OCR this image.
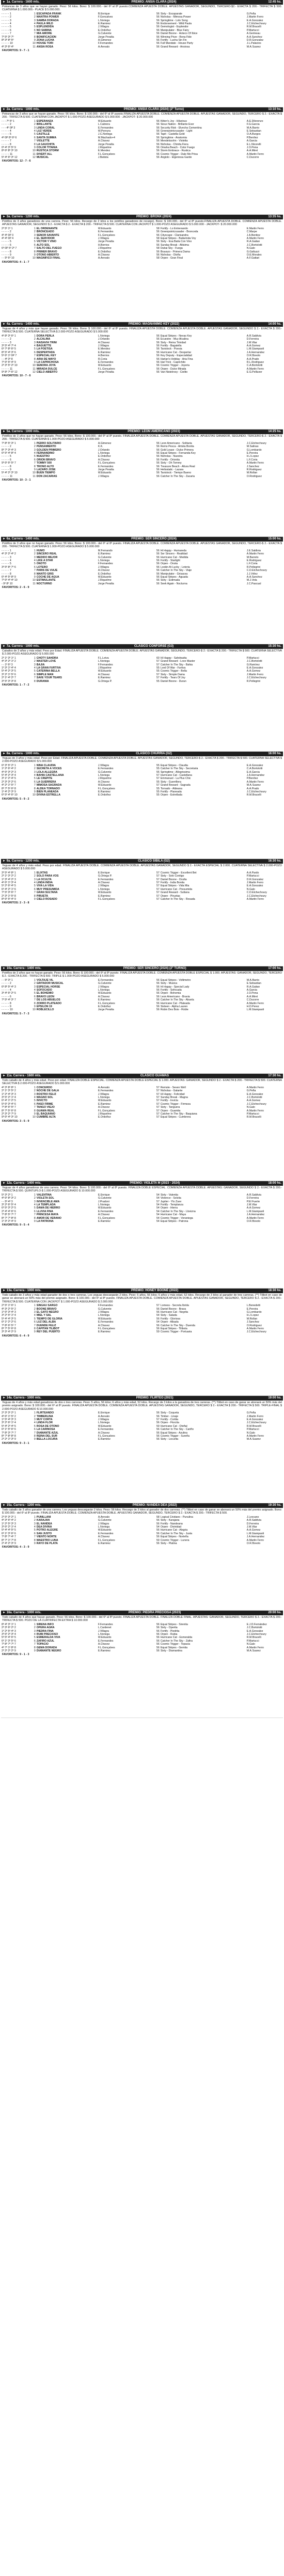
► 1a. Carrera - 1600 mts.	PREMIO: ANSIA CLARA (2024)	12:45 hs.
Potrancas de 3 años que se hayan ganado. Peso: 56 kilos. Bono: $ 100.000.- del 6º al 8º puesto.COMIENZA APUESTA DOBLE. APUESTAS GANADOR, SEGUNDO, TERCERO-$2.- EXACTA $ 200.- TRIFECTA $ 500. CUATERNA $ 1.000.000.- PLACE $ 5.000.000.
- - - - - 1	1	ESCAPADA FRANK	B.Enrique	56	Sixty - Escaparate	G.Peña
- - - - - 2	2	MANTRA POWER	F.Goncalves	56	Nicholas - Mimosa Power	J.Martin Ferro
- - - - - 3	3	SAMBA DORADA	L.Noriega	56	Springtime - Lolo Song	E.A.Gonzalez
- - - - - 4	4	PAULA WILD	E.Ramirez	56	Endorsement - Wild Paula	J.C.Etchechoury
- - - - - 5	5	ESPLENDIDA	J.Villagra	56	Gemologist - Esplendor	R.M.Bracelli
- - - - - 6	6	NO SABINA	E.Ordoñez	56	Manipulator - Blue Fairy	P.Martucci
- - - - - 7	7	MIA AMORE	G.Calvente	56	Daniel Boone - Hoteco Of Ibice	A.Gerineau
7º 5º 3º 7º	8	BONIFICACION	Jorge Peralta	56	Winning Prize - Bona Fide	A.A.Sanchez
8º 3º 8º 5º	9	ZONA LUCHA	A.Gimenez	56	Fortify - Lucha Sin Fin	D.R.Gonzalez
- - - - - 10	10	HOUSE TORI	F.Fernandes	56	Full Mandate - House Party	J.L.Palacios
4º 3º 6º 4º	11	ANSIA ROSA	A.Arevalo	56	Grand Reward - Ansiosa	M.A.Suarez
FAVORITOS: 9 - 7 - 1
► 2a. Carrera - 1000 mts.	PREMIO: ANSIA CLARA (2024) (2º Turno)	13:10 hs.
Potrancas de 3 años que se hayan ganado. Peso: 56 kilos. Bono: $ 100.000.- del 6º al 8º puesto.FINALIZA APUESTA DOBLE. COMIENZA APUESTA DOBLE. APUESTAS GANADOR, SEGUNDO, TERCERO $ 2.- EXACTA $ 200.- TRIFECTA $ 500. CUATERNA CON JACKPOT $ 1.000-POZO ASEGURADO $ 5.000.000 - JACKPOT- $ 20.000.000
- - - 7º 5º 1	1	ESPERANZA	W.Eduardo	56	Kitten's Joy - Hilarious	A.E.Dilorenzo
- - - - - 2	2	BRILLANTE	L.Cabrera	56	Sioux Nation - Brillante Ever	F.G.Garcia
- - - 4º 0P 3	3	LINDA CORAL	E.Fernandes	56	Security Risk - Elvecha Cementina	M.A.Barrio
- - - - - 4	4	LUZ VERDE	W.Pereyra	56	Greenpointcrusader - Light	E.Sebastian
- - - - - 5	5	CASTILLE	J.C.Noriega	56	Tapit - Castella Gold	O.A.Burgos
4º 0P 8º 6º 6	6	SANTA SUMMA	M.Machado+4	56	Springtime - Anatomia	P.Benítez
- - - - - 7	7	VIOLETTE	A.Chavez	56	Mendelssohn - Violetta	A.Garcia
- - - - - 8	8	LA GAUCHITA	Jorge Peralta	56	Nicholas - Chinita Fiera	E.L.Nicorelli
0º 4º 3º 5º 9	9	COLOR TITANIA	J.Riquelme	56	Omaha Beach - Color Fuego	J.O.Pena
8º 6º 8º 3º 10	10	RUSTICA STORM	E.Mendez	56	Storm Embrace - Rustica	A.A.Miret
- - - - - 11	11	DIVERT ALL	F.L.Gonçalves	56	Cosmic Trigger - Dale Me Prisa	A.Martin Ferro
5º 4º 6º 3º 12	12	MUSICAL	J.Batista	56	Angiolo - Elgeniosa Garde	C.Ducorre
FAVORITOS: 12 - 7 - 6
► 3a. Carrera - 1200 mts.	PREMIO: BRONX (2024)	13:35 hs.
Potrillos de 3 años ganadores de una carrera. Peso: 56 kilos. Recargo de 2 kilos a los potrillos ganadores de recargo). Bono: $ 100.000.- del 6º al 8º puesto.FINALIZA APUESTA DOBLE. COMIENZA APUESTA DOBLE. APUESTAS GANADOR, SEGUNDO $ 2.- EXACTA $ 2.- EXACTA $ 200.- TRIFECTA $ 500. CUATERNA CON JACKPOT $ 1.000-POZO ASEGURADO $ 5.000.000 - JACKPOT- $ 20.000.000
2º 5º 1º 1	1	EL ORDENANTE	W.Eduardo	58	Fortify - Lo Entrenando	E.Martin Ferro
- - - - - 2	2	BRONCEADO	E.Fernandes	56	Greenpointcrusader - Bronceda	C.Marpe
4º 4º 0P 3	3	SEÑOR SAVANTE	F.L.Gonçalves	56	Cityscape - Clarisandra	J.A.Benitez
4º 4º 0P 4	4	EL SERVIDOR	J.Villagra	58	Equal Stripes - Bailarinda Voy	A.Martin Ferro
- - - - - 5	5	VICTOR Y VINO	Jorge Peralta	56	Sixty - Esa Baila Con Vino	R.A.Gaitan
- - - - - 6	6	ALTO SOL	H.Berrios	56	Sunday Break - Altisima	J.C.Bortolotti
6º 0P 5º 2º 7	7	SALTO DEL FUEGO	J.Riquelme	58	Dubai Sky - Fuega	N.Galo
- - - - - 8	8	PRIMER BRAVO	E.Ordoñez	56	Bravazo - Primera Dama	G.Galtuzzi
- - - - - 9	9	OTOÑO ABIERTO	A.Chavez	56	Nicholas - Otoña	O.E.Morales
- - 5º 6º 10	10	MAGNIFICO FINAL	A.Arevalo	58	Orpen - Gran Final	A.F.Gattari
FAVORITOS: 4 - 1 - 7
► 4a. Carrera - 1400 mts.	PREMIO: MAGNANIMO KEY (2022)	14:00 hs.
Yeguas de 4 años y más que hayan ganado. Peso: 56 kilos. Bono: $ 100.000.- del 6º al 8º puesto. FINALIZA APUESTA DOBLE. COMIENZA APUESTA DOBLE. APUESTAS GANADOR, SEGUNDO $ 2.- EXACTA $ 200.- TRIFECTA $ 500. CUATERNA SELECTIVA $ 2.000-POZO ASEGURADO $ 5.000.000
4º 8º 3º 6º 1	1	DORA PERLA	L.Noriega	56	Equal Stripes - Nevas Key	A.R.Saldivia
- - - - - 2	2	ALCALINA	J.Orlando	56	Ecuestre - Muy Alcalina	D.Ferreira
- - - - - 3	3	RAISAVIA TRINI	A.Chavez	56	Sixty - Reina Trinidad	J.M.Vilar
3º 5º 4º 7º 4	4	BAGUETTE	J.Villagra	56	Fortify - Bagatella	A.A.Gomez
6º 7º 8º 6º 5	5	LA POETISA	E.Mendez	56	Tavistock - Poesia	L.M.Giampaoli
8º 5º 4º 3º 6	6	DESPERTADA	E.Ramirez	56	Hurricane Cat - Despertar	J.A.Hernandez
5º 6º 1º 0P 7	7	ESPECIAL KEY	H.Berrios	56	Key Deputy - Especialidad	O.R.Bovolo
- - 4º 3º 8	8	ARIA DE MAYO	R.Coria	56	Harlan's Holiday - Aria Fina	A.A.Prado
7º 6º 5º 4º 9	9	LA CAPRICHOSA	E.Fernandes	56	Hat Trick - Caprichito	R.L.Rodriguez
2º 3º 5º 2º 10	10	SEÑORA JOYA	W.Eduardo	56	Cosmic Trigger - Joyeria	C.A.Bortolotti
- - - - - 11	11	MIRADA DULCE	F.L.Gonçalves	56	Orpen - Dulce Mirada	A.Martin Ferro
9º 8º 7º 6º 12	12	CIELO ABIERTO	Jorge Peralta	56	Van Nistelrooy - Cielito	E.G.Pellizzer
FAVORITOS: 10 - 7 - 6
► 5a. Carrera - 1000 mts.	PREMIO: LEON AMERICANO (2023)	14:25 hs.
Potrillos de 3 años que no hayan ganado. Peso: 56 kilos. Bono: $ 100.000.- del 6º al 8º puesto. FINALIZA APUESTA DOBLE. COMIENZA APUESTA DOBLE. APUESTAS GANADOR, SEGUNDO, TERCERO-$ 2.- EXACTA $ 200.- TRIFECTA $ 500. CUATERNA $ 1.000-POZO ASEGURADO $ 5.000.000
7º 8º 5º 3º 1	1	PEDRO SOLITARIO	A.Gimenez	56	Leon Americano - Solitaria	J.C.Etchechoury
- - - - - 2	2	PENSAMIENTO	K.K.	56	Remo Pesca - Artista Bonita	M.Salinas
8º 7º 3º 4º 3	3	GOLDEN PRIMERO	J.Orlando	56	Gold Lease - Dulce Primera	G.Lombardo
6º 5º 4º 8º 4	4	FERNANDINO	L.Noriega	56	Equal Stripes - Fernanda Key	E.Pereira
- - - - - 5	5	NUESTRO	E.Ordoñez	56	Nicholas - Nuestra	H.J.Lopez
- - - - - 6	6	ORION BRAVO	A.Chavez	56	Fortify - Orionita	L.F.Coria
9º 6º 6º 5º 7	7	TOMMY 500	F.L.Gonçalves	56	Sixty - Oh Tommy	A.Martin Ferro
- - - - - 8	8	TRONO ALTO	E.Fernandes	56	Treasure Beach - Altura Real	J.Sanchez
- - - - - 9	9	LAZARO JOSE	Jorge Peralta	56	Heliostatic - Lazara	R.Rodriguez
5º 4º 2º 3º 10	10	BUEN TIEMPO	W.Eduardo	56	Tavistock - Tiempo Bueno	M.Rollan
- - - - - 11	11	DON ZACARIAS	J.Villagra	56	Catcher In The Sky - Zacaria	O.Rodriguez
FAVORITOS: 10 - 3 - 1
► 6a. Carrera - 1400 mts.	PREMIO: SER SINCERO (2024)	15:00 hs.
Potrillos de 3 años que no hayan ganado. Peso: 56 kilos. Bono: $ 100.000.- del 6º al 8º puesto. FINALIZA APUESTA DOBLE. COMIENZA APUESTA DOBLE. APUESTAS GANADOR, SEGUNDO, TERCERO-$ 2.- EXACTA $ 200.- TRIFECTA $ 500. CUATERNA $ 1.000-POZO ASEGURADO $ 5.000.000
- - - - - 1	1	HUMO	M.Fernando	56	Hi Happy - Humareda	J.E.Saldivia
4º 3º 2º 4º 2	2	SINCERO REAL	E.Ramirez	56	Ser Sincero - Realidad	A.Martin Ferro
- - - - - 3	3	MEDIDO MEJOR	G.Calvente	56	Hurricane Cat - Medida	M.Barreto
- - - - - 4	4	LIKE A STAR	L.Noriega	56	Fortify - Starlight	E.Rodriguez
- - - - - 5	5	ONOTO	F.Fernandes	56	Orpen - Onota	L.F.Coria
3º 5º 8º 7º 6	6	LOTERO	J.Villagra	56	Lookin At Lucky - Loteria	R.Pellegrini
- - - - - 7	7	PARIS DE VIAJE	A.Chavez	56	Catcher In The Sky - Viaje	C.D.Etchechoury
- - - - - 8	8	MANTO GRIS	E.Ordoñez	56	Manipulator - Grisacea	J.J.Vélez
6º 4º 5º 8º 9	9	COCHE DE AGUA	W.Eduardo	56	Equal Stripes - Aguada	A.A.Sanchez
7º 6º 4º 4º 10	10	ESTIMULANTE	J.Riquelme	56	Sixty - Estimada	M.J.Vela
- 9º 8º 10	11	NOCTURNO	Jorge Peralta	56	Seek Again - Nocturna	J.C.Pascual
FAVORITOS: 2 - 6 - 9
► 7a. Carrera - 1000 mts.	CLASICO CONFORSE (G3)	15:30 hs.
Caballos de 3 años y más edad. Peso por Edad. FINALIZA APUESTA DOBLE. COMIENZA APUESTA DOBLE. APUESTAS GANADOR, SEGUNDO, TERCERO-$ 2.- EXACTA $ 200.- TRIFECTA $ 500. CUATERNA SELECTIVA $ 2.000-POZO ASEGURADO $ 5.000.000
2º 1º 3º 1º 1	1	CHOTY SAHDRA	F.L.Leiva	60	Hi Happy - Sahdrasita	P.Martucci
4º 3º 2º 1º 2	2	MASTER LOVE	L.Noriega	57	Grand Reward - Love Master	J.C.Bortolotti
- - 1º 6º 3	3	BAJIA	F.Fernandes	57	Catcher In The Sky - Bahia	G.Ramírez
1º 3º 1º 4º 4	4	LA GRAN FURTIVA	J.Riquelme	55	Lord Of War - Furtiva	E.A.Gonzalez
5º 4º 2º 3º 5	5	CATERINA BELLA	W.Eduardo	55	Cosmic Trigger - Bella	A.A.Gomez
3º 2º 1º 5º 6	6	SIMPLE MAN	A.Chavez	57	Sixty - Simple Dama	J.Martin Ferro
2º 1º 4º 2º 7	7	SAVE YOUR TEARS	E.Ramirez	57	Fortify - Tears Of Joy	J.C.Etchechoury
3º 5º 3º 3º 8	8	DURANIA	G.Ortega P.	55	Daniel Boone - Duran	R.Pellegrini
FAVORITOS: 1 - 7 - 2
► 8a. Carrera - 1000 mts.	CLASICO CHURRIA (G2)	16:00 hs.
Yeguas de 3 años y más edad. Peso por Edad. FINALIZA APUESTA DOBLE. COMIENZA APUESTA DOBLE. APUESTAS GANADOR, SEGUNDO, TERCERO-$ 2.- EXACTA $ 200.- TRIFECTA $ 500. CUATERNA SELECTIVA $ 2.000-POZO ASEGURADO $ 5.000.000
6º 3º 5º 2º 1	1	NINA CLAUDIA	J.Villagra	55	Equal Stripes - Claudia	E.A.Gonzalez
1º 2º 6º 4º 2	2	SECRETA A VOCES	E.Fernandes	55	Catcher In The Sky - Secretaria	C.A.Bortolotti
4º 6º 3º 2º 3	3	LOLA ALLEGRA	G.Calvente	55	Springtime - Allegrissima	E.A.Garcia
5º 4º 2º 3º 4	4	BAHIA CASTELLANA	L.Noriega	57	Hurricane Cat - Castellana	J.A.Hernandez
3º 1º 2º 4º 5	5	LE CREPITE	J.Riquelme	57	Emmanuel - La Plus Chic	P.Benítez
2º 3º 3º 2º 6	6	LA GUERRERA	A.Chavez	55	Sixty - Guerrillera	A.Martin Ferro
4º 2º 1º 5º 7	7	MIMOSA SAGRADA	W.Eduardo	57	Grand Reward - Sagrada	M.A.Suarez
8º 7º 5º 6º 8	8	ALDEA TORNADO	F.L.Gonçalves	55	Tornado - Aldeana	A.A.Prado
1º 4º 2º 3º 9	9	BIEN PLANEADA	E.Ramirez	55	Fortify - Planeada	J.C.Etchechoury
6º 5º 4º 6º 10	10	DIVINA ESTRELLA	E.Ordoñez	55	Orpen - Estrellada	R.M.Bracelli
FAVORITOS: 5 - 9 - 2
► 9a. Carrera - 1200 mts.	CLASICO SIBILA (G2)	16:30 hs.
Yeguas de 4 años y más edad. Peso por edad. FINALIZA APUESTA DOBLE. COMIENZA APUESTA DOBLE. APUESTAS GANADOR, SEGUNDO $ 2.- EXACTA ESPECIAL $ 2.000. CUATERNA SELECTIVA $ 2.000-POZO ASEGURADO $ 5.000.000
3º 5º 4º 8º 1	1	ELIXTAS	E.Enrique	57	Cosmic Trigger - Excellent Bet	A.A.Pardo
2º 1º 3º 2º 2	2	SOLO PARA VOS	G.Ortega P.	57	Sixty - Solo Contigo	P.Martucci
1º 3º 4º 2º 3	3	LA OCULTA	E.Fernandes	57	Daniel Boone - Oculta	D.R.Gonzalez
4º 6º 1º 3º 4	4	LINDA INDIA	A.Chavez	57	Fortify - India Bonita	J.Martin Ferro
5º 2º 6º 4º 5	5	VIVA LA VIDA	J.Villagra	57	Equal Stripes - Vida Mia	E.A.Gonzalez
6º 4º 2º 1º 6	6	MUY PRESUMIDA	L.Noriega	57	Hurricane Cat - Presumida	N.Galo
7º 5º 3º 6º 7	7	GRAN SULTANA	W.Eduardo	57	Grand Reward - Sultana	C.D.Etchechoury
2º 3º 1º 5º 8	8	PIRUETA	E.Ramirez	57	Orpen - Piruetas	J.C.Etchechoury
8º 6º 5º 4º 9	9	CIELO ROSADO	F.L.Gonçalves	57	Catcher In The Sky - Rosada	A.Martin Ferro
FAVORITOS: 2 - 3 - 8
► 10a. Carrera - 1400 mts.	PREMIO: SER SINCERO (2024) (2º TURNO)	17:00 hs.
Potrillos de 3 años que no hayan ganado. Peso: 56 kilos. Bono: $ 100.000.- del 6º al 8º puesto. FINALIZA APUESTA DOBLE. COMIENZA APUESTA DOBLE ESPECIAL $ 1.000. APUESTAS: GANADOR, SEGUNDO, TERCERO $ 2.- EXACTA $ 200.- TRIFECTA $ 500. TRIPLE $ 1.000-POZO ASEGURADO $ 5.000.000
- - 5º 3º 1	1	VOLTAJE VIL	E.Fernandes	56	Equal Stripes - Voltimetro	M.A.Barrio
- - - - - 2	2	GRITADOR MUSICAL	G.Calvente	56	Sixty - Musica	E.Sebastian
6º 8º 5º 4º 3	3	ESPECIAL HORSE	J.Villagra	56	Hi Happy - Special Lady	R.A.Gaitan
- - - - - 4	4	SOFOCADO	L.Noriega	56	Fortify - Sofocada	A.Garcia
3º 4º 6º 2º 5	5	EL BOHEMIO	W.Eduardo	56	Orpen - Bohemia	J.O.Pena
- - - - - 6	6	BRAVO LEON	A.Chavez	56	Leon Americano - Bravia	A.A.Miret
7º 5º 4º 3º 7	7	DE LOS ABUELOS	E.Ramirez	56	Catcher In The Sky - Abuela	C.Ducorre
- - - - - 8	8	ZORRO PLATEADO	F.L.Gonçalves	56	Hurricane Cat - Plateada	A.Martin Ferro
- - - - - 9	9	EPSILON 19	E.Ordoñez	56	Sixteen - Alpha Lauren	H.D.Perez
- - - - - 10	10	ROBLECILLO	Jorge Peralta	56	Robin Des Bois - Roble	L.M.Giampaoli
FAVORITOS: 5 - 7 - 3
► 11a. Carrera - 1600 mts.	CLASICO GUAMAS	17:30 hs.
Todo caballo de 4 años y más edad. Peso por edad. FINALIZA DOBLE ESPECIAL. COMIENZA APUESTA DOBLE ESPECIAL $ 1.000. APUESTAS: GANADOR, SEGUNDO $ 2.- EXACTA $ 200.- TRIFECTA $ 500. CUATERNA SELECTIVA $ 2.000-POZO ASEGURADO $ 5.000.000
4º 3º 8º 8º 1	1	CONCERDO	A.Arevalo	57	Remote - Seven Well	A.Martin Ferro
2º 1º 3º 5º 2	2	NOCHE DE GALA	E.Fernandes	57	Nicholas - Galante	G.Peña
1º 2º 4º 3º 3	3	ROSTRO FELIZ	J.Villagra	57	Hi Happy - Felicidad	E.A.Gonzalez
3º 5º 2º 1º 4	4	MAGNO SOL	L.Noriega	57	Sunday Break - Magna	J.C.Bortolotti
6º 4º 1º 2º 5	5	INVICTO	W.Eduardo	57	Fortify - Invicta	A.A.Gomez
5º 6º 3º 4º 6	6	PASO FIRME	E.Ramirez	57	Cosmic Trigger - Firmeza	J.C.Etchechoury
7º 8º 6º 5º 7	7	TANGO VIEJO	A.Chavez	57	Sixty - Tanguera	N.Galo
8º 7º 5º 6º 8	8	GUAMA REAL	F.L.Gonçalves	57	Orpen - Guamita	A.Martin Ferro
2º 3º 2º 7º 9	9	EL BAQUIANO	J.Riquelme	57	Catcher In The Sky - Baquiana	P.Martucci
9º 6º 4º 3º 10	10	CUMBRE ALTA	E.Ordoñez	57	Equal Stripes - Cumbrera	R.M.Bracelli
FAVORITOS: 3 - 5 - 9
► 12a. Carrera - 1400 mts.	PREMIO: VIOLETA M (2023 - 2024)	18:00 hs.
Yeguas de 4 años ganadoras de una carrera. Peso: 54 kilos. Bono: $ 100.000.- del 6º al 8º puesto. FINALIZA DOBLE ESPECIAL. COMIENZA APUESTA DOBLE. APUESTAS: GANADOR, SEGUNDO $ 2.- EXACTA $ 200.- TRIFECTA $ 500. QUINTUPLO-$ 1.000-POZO ASEGURADO $ 10.000.000
5º 3º 2º 1	1	VALENTINA	E.Enrique	54	Sixty - Valentia	A.R.Saldivia
4º 6º 8º 3º 2	2	VIOLETA SOL	G.Calvente	54	Violence - Solcita	D.Ferreira
- - 5º 4º 3	3	INVENCIBLE AMA	J.Pradoni	57	Jupiter - Ylo Zuev	P.El Fuerte
3º 2º 6º 5º 4	4	LA TEMPLADA	L.Noriega	54	Fortify - Templanza	J.M.Vilar
6º 5º 3º 2º 5	5	DAMA DE HIERRO	W.Eduardo	54	Orpen - Hierra	A.A.Gomez
2º 4º 4º 6º 6	6	LLUVIA FINA	E.Fernandes	54	Catcher In The Sky - Llovizna	L.M.Giampaoli
7º 8º 5º 7º 7	7	PRINCESA MAYA	A.Chavez	54	Hurricane Cat - Maya	J.A.Hernandez
8º 7º 7º 8º 8	8	AMOR DE VERANO	F.L.Gonçalves	54	Cosmic Trigger - Veraniega	A.Martin Ferro
1º 3º 2º 4º 9	9	LA PATRONA	E.Ramirez	54	Equal Stripes - Patrona	O.R.Bovolo
FAVORITOS: 9 - 5 - 4
► 13a. Carrera - 1000 mts.	PREMIO: HONEY BOONE (2022)	18:30 hs.
Todo caballo de 3 años y más edad ganador de dos o tres carreras. Los yeguas descargarán 2 kilos. Peso: 5 años, 56 kilos; 6 años y más edad, 52 kilos. Recargo de 3 kilos al ganador de tres carreras. (**) Tilibot en caso de ganar se abonará un 50% más del premio asignado. Bono: $ 100.000.- del 6º al 8º puesto. FINALIZA APUESTA DOBLE. COMIENZA APUESTA DOBLE. APUESTAS GANADOR, SEGUNDO, TERCERO $ 2.- EXACTA $ 200.- TRIFECTA $ 500. CUATERNA CON JACKPOT $ 1.000-POZO ASEGURADO $ 2.000.000
2º 5º 1º 6º 1	1	SINGAU SARGO	F.Fernandes	57	Lomess - Secreta Ibrida	L.Benedetti
4º 3º 2º 5º 2	2	BOONE BRAVO	G.Calvente	56	Daniel Boone - Brava	E.Pereira
1º 6º 3º 4º 3	3	EL GATO NEGRO	J.Villagra	56	Hurricane Cat - Negrita	G.Lombardo
3º 2º 5º 1º 4	4	MIEL Y SAL	L.Noriega	54	Sixty - Salada	H.J.Lopez
5º 4º 4º 3º 5	5	TIEMPO DE GLORIA	W.Eduardo	56	Fortify - Gloriosa	M.Rollan
6º 1º 2º 2º 6	6	LUZ DEL ALBA	E.Fernandes	54	Orpen - Albada	J.Sanchez
7º 8º 6º 5º 7	7	DUENDE FELIZ	A.Chavez	56	Catcher In The Sky - Duenda	O.Rodriguez
8º 7º 5º 6º 8	8	CAPITAN TILIBOT	F.L.Gonçalves	56	Equal Stripes - Tilibota	A.Martin Ferro
3º 3º 4º 2º 9	9	REY DEL PUERTO	E.Ramirez	59	Cosmic Trigger - Portuaria	J.C.Etchechoury
FAVORITOS: 6 - 4 - 9
► 14a. Carrera - 1000 mts.	PREMIO: FLIRTEO (2021)	19:00 hs.
Yeguas de 4 años y más edad ganadoras de dos o tres carreras. Peso: 5 años, 56 kilos; 6 años y más edad, 52 kilos. Recargo de 3 kilos a la ganadora de tres carreras. (**) Tilibot en caso de ganar se abonará un 50% más del premio asignado. Bono: $ 100.000.- del 6º al 8º puesto. FINALIZA APUESTA DOBLE. COMIENZA APUESTA DOBLE. APUESTAS GANADOR, SEGUNDO, TERCERO $ 2.- EXACTA $ 200.- TRIFECTA $ 500. TRIPLE-FINAL $ 2.000-POZO ASEGURADO $ 10.000.000
2º 3º 3º 2º 1	1	FLIRTEANDO	E.Enrique	56	Sixty - Coqueta	G.Peña
4º 6º 1º 5º 2	2	TIMBERLINA	A.Arevalo	56	Timber - Linaje	J.Martin Ferro
1º 5º 4º 3º 3	3	MUY CORTA	J.Villagra	57	Fortify - Cortita	E.A.Gonzalez
3º 2º 6º 1º 4	4	LINDA FLOR	L.Noriega	56	Orpen - Florcita	J.C.Etchechoury
5º 4º 2º 4º 5	5	ROSA DE OTOÑO	W.Eduardo	59	Hurricane Cat - Otoñal	R.M.Bracelli
6º 1º 5º 6º 6	6	LA CARIÑOSA	E.Fernandes	56	Catcher In The Sky - Cariño	P.Martucci
7º 8º 3º 7º 7	7	DIAMANTE AZUL	A.Chavez	56	Equal Stripes - Azulina	N.Galo
8º 7º 8º 8º 8	8	REINA DEL SUR	F.L.Gonçalves	56	Cosmic Trigger - Sureña	A.Martin Ferro
2º 2º 1º 3º 9	9	BELLA LOCURA	E.Ramirez	56	Sixty - Locurita	M.A.Suarez
FAVORITOS: 9 - 3 - 1
► 15a. Carrera - 1200 mts.	PREMIO: NANDEA DEA (2022)	19:30 hs.
Todo caballo de 3 años ganador de una carrera. Los yeguas descargarán 2 kilos. Peso: 56 kilos. Recargo de 3 kilos al ganador de dos carreras. (**) Tilibot en caso de ganar se abonará un 50% más del premio asignado. Bono: $ 100.000.- del 6º al 8º puesto. FINALIZA APUESTA DOBLE. COMIENZA APUESTA DOBLE. APUESTAS GANADOR, SEGUNDO, TERCERO $ 2.- EXACTA $ 200.- TRIFECTA $ 500.
2º 5º 3º 2º 1	1	PUNILLANI	A.Arevalo	58	Logical Cristiano - Punulina	J.Lexcano
4º 3º 6º 4º 2	2	KARAJAN	G.Calvente	56	Sixty - Karajana	A.R.Saldivia
1º 2º 5º 3º 3	3	EL NANDEA	J.Villagra	56	Fortify - Nandeana	D.Ferreira
3º 6º 2º 1º 4	4	DEA DIVINA	L.Noriega	54	Orpen - Divinidad	J.M.Vilar
5º 4º 4º 5º 5	5	POTRO ALEGRE	W.Eduardo	56	Hurricane Cat - Alegria	A.A.Gomez
6º 1º 3º 6º 6	6	SAN JUSTO	E.Fernandes	56	Catcher In The Sky - Justa	L.M.Giampaoli
7º 8º 7º 4º 7	7	VIENTO NORTE	A.Chavez	56	Equal Stripes - Norteña	J.A.Hernandez
8º 7º 1º 7º 8	8	MAESTRO LUNA	F.L.Gonçalves	59	Cosmic Trigger - Lunera	A.Martin Ferro
2º 4º 2º 3º 9	9	RAYO DE PLATA	E.Ramirez	56	Sixty - Platina	O.R.Bovolo
FAVORITOS: 4 - 3 - 9
► 16a. Carrera - 1000 mts.	PREMIO: PIEDRA PRECIOSA (2023)	20:00 hs.
Todo caballo de 4 años que hayan ganado. Peso: 56 kilos. Bono: $ 100.000.- del 6º al 8º puesto. FINALIZA APUESTA DOBLE. FINALIZA DOBLE FINAL. APUESTAS: GANADOR, SEGUNDO, TERCERO $ 2.- EXACTA $ 200.- TRIFECTA $ 500. POZO DE LA CUATRIFECTA EXTRA $ 10.000.000
8º 4º 3º 1º 1	1	SIRENA INFO	F.Fernandes	56	Equal Stripes - Sirenita	E.J.D.Fernández
2º 3º 6º 2º 2	2	OPERA AGRA	L.Cardenet	56	Sixty - Operita	J.C.Bortolotti
1º 2º 5º 4º 3	3	PIEDRA FINA	J.Villagra	56	Fortify - Piedrita	E.A.Gonzalez
3º 6º 2º 3º 4	4	RUBI PRECIOSO	L.Noriega	56	Orpen - Rubia	J.C.Etchechoury
5º 5º 4º 6º 5	5	ESMERALDA VIVA	W.Eduardo	56	Hurricane Cat - Esmeralda	R.M.Bracelli
6º 1º 3º 5º 6	6	ZAFIRO AZUL	E.Fernandes	56	Catcher In The Sky - Zafira	P.Martucci
7º 8º 7º 7º 7	7	TOPACIO	A.Chavez	56	Cosmic Trigger - Topacia	N.Galo
4º 7º 1º 8º 8	8	GEMA DORADA	F.L.Gonçalves	56	Equal Stripes - Gemita	A.Martin Ferro
2º 2º 2º 2º 9	9	DIAMANTE NEGRO	E.Ramirez	56	Sixty - Diamantina	M.A.Suarez
FAVORITOS: 9 - 1 - 3
